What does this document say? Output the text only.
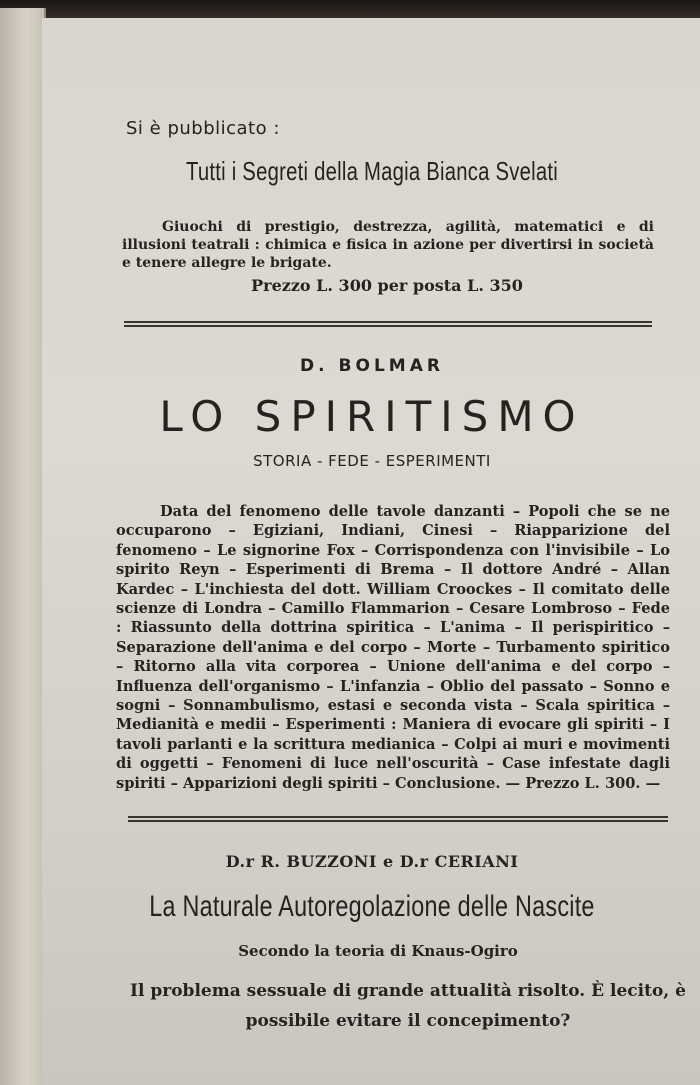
Si è pubblicato :
Tutti i Segreti della Magia Bianca Svelati

Giuochi di prestigio, destrezza, agilità, matematici e di illusioni teatrali : chimica e fisica in azione per divertirsi in società e tenere allegre le brigate.

Prezzo L. 300 per posta L. 350
D. BOLMAR
LO SPIRITISMO
STORIA - FEDE - ESPERIMENTI

Data del fenomeno delle tavole danzanti – Popoli che se ne occuparono – Egiziani, Indiani, Cinesi – Riapparizione del fenomeno – Le signorine Fox – Corrispondenza con l'invisibile – Lo spirito Reyn – Esperimenti di Brema – Il dottore André – Allan Kardec – L'inchiesta del dott. William Croockes – Il comitato delle scienze di Londra – Camillo Flammarion – Cesare Lombroso – Fede : Riassunto della dottrina spiritica – L'anima – Il perispiritico – Separazione dell'anima e del corpo – Morte – Turbamento spiritico – Ritorno alla vita corporea – Unione dell'anima e del corpo – Influenza dell'organismo – L'infanzia – Oblio del passato – Sonno e sogni – Sonnambulismo, estasi e seconda vista – Scala spiritica – Medianità e medii – Esperimenti : Maniera di evocare gli spiriti – I tavoli parlanti e la scrittura medianica – Colpi ai muri e movimenti di oggetti – Fenomeni di luce nell'oscurità – Case infestate dagli spiriti – Apparizioni degli spiriti – Conclusione. — Prezzo L. 300. —

D.r R. BUZZONI e D.r CERIANI
La Naturale Autoregolazione delle Nascite
Secondo la teoria di Knaus-Ogiro
Il problema sessuale di grande attualità risolto. È lecito, è possibile evitare il concepimento?
